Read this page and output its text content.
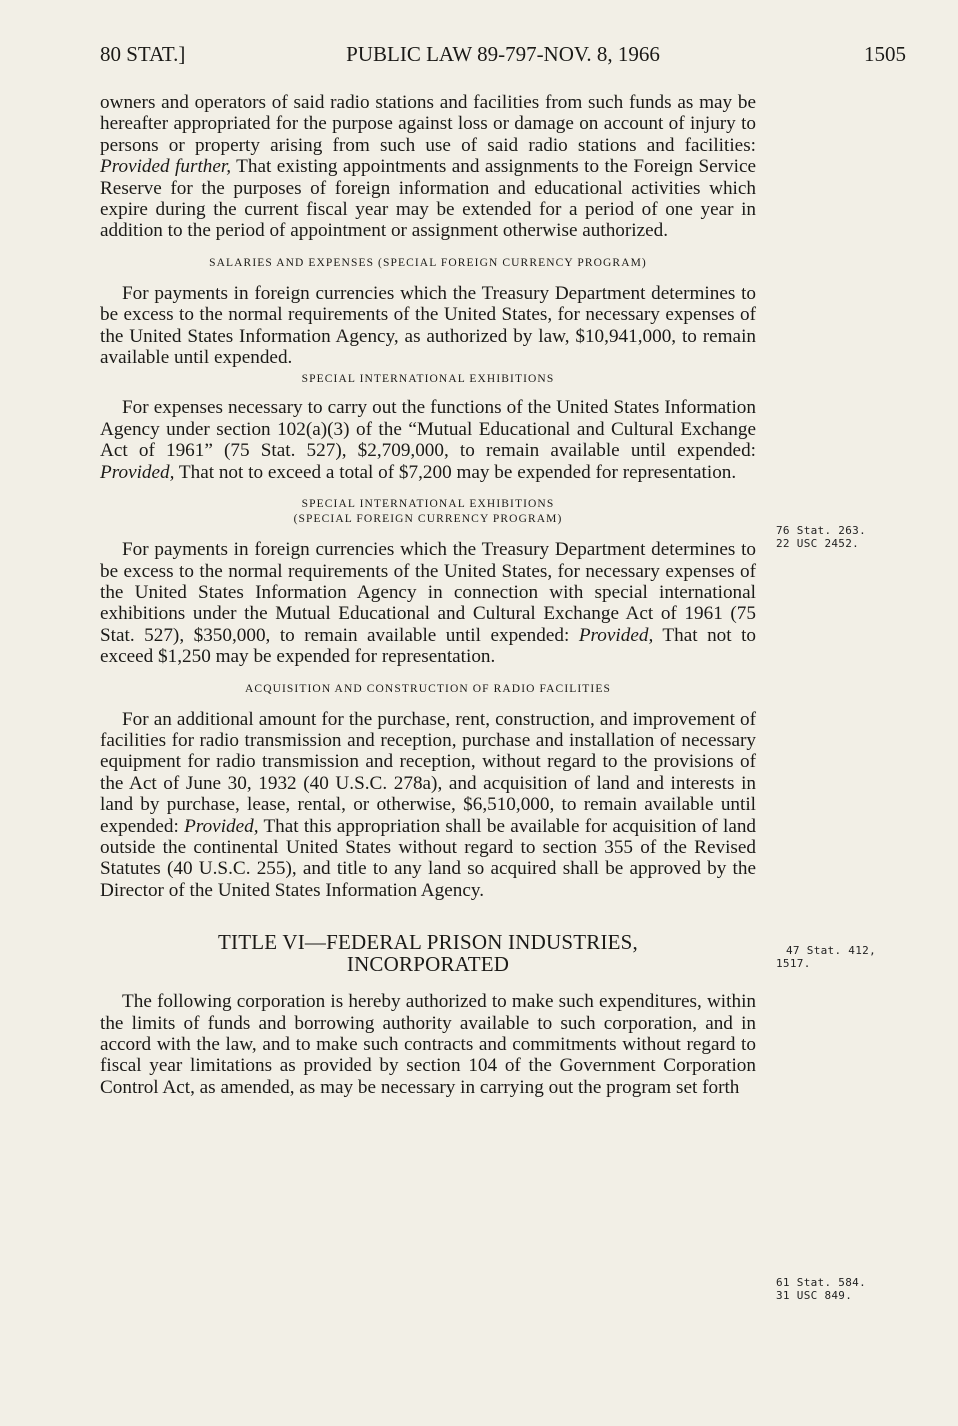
80 STAT.]	PUBLIC LAW 89-797-NOV. 8, 1966	1505

owners and operators of said radio stations and facilities from such funds as may be hereafter appropriated for the purpose against loss or damage on account of injury to persons or property arising from such use of said radio stations and facilities: Provided further, That existing appointments and assignments to the Foreign Service Reserve for the purposes of foreign information and educational activities which expire during the current fiscal year may be extended for a period of one year in addition to the period of appointment or assignment otherwise authorized.

SALARIES AND EXPENSES (SPECIAL FOREIGN CURRENCY PROGRAM)

For payments in foreign currencies which the Treasury Department determines to be excess to the normal requirements of the United States, for necessary expenses of the United States Information Agency, as authorized by law, $10,941,000, to remain available until expended.

SPECIAL INTERNATIONAL EXHIBITIONS

For expenses necessary to carry out the functions of the United States Information Agency under section 102(a)(3) of the “Mutual Educational and Cultural Exchange Act of 1961” (75 Stat. 527), $2,709,000, to remain available until expended: Provided, That not to exceed a total of $7,200 may be expended for representation.

SPECIAL INTERNATIONAL EXHIBITIONS
(SPECIAL FOREIGN CURRENCY PROGRAM)

For payments in foreign currencies which the Treasury Department determines to be excess to the normal requirements of the United States, for necessary expenses of the United States Information Agency in connection with special international exhibitions under the Mutual Educational and Cultural Exchange Act of 1961 (75 Stat. 527), $350,000, to remain available until expended: Provided, That not to exceed $1,250 may be expended for representation.

ACQUISITION AND CONSTRUCTION OF RADIO FACILITIES

For an additional amount for the purchase, rent, construction, and improvement of facilities for radio transmission and reception, purchase and installation of necessary equipment for radio transmission and reception, without regard to the provisions of the Act of June 30, 1932 (40 U.S.C. 278a), and acquisition of land and interests in land by purchase, lease, rental, or otherwise, $6,510,000, to remain available until expended: Provided, That this appropriation shall be available for acquisition of land outside the continental United States without regard to section 355 of the Revised Statutes (40 U.S.C. 255), and title to any land so acquired shall be approved by the Director of the United States Information Agency.

TITLE VI—FEDERAL PRISON INDUSTRIES,
INCORPORATED

The following corporation is hereby authorized to make such expenditures, within the limits of funds and borrowing authority available to such corporation, and in accord with the law, and to make such contracts and commitments without regard to fiscal year limitations as provided by section 104 of the Government Corporation Control Act, as amended, as may be necessary in carrying out the program set forth

76 Stat. 263.
22 USC 2452.
47 Stat. 412,
1517.
61 Stat. 584.
31 USC 849.
